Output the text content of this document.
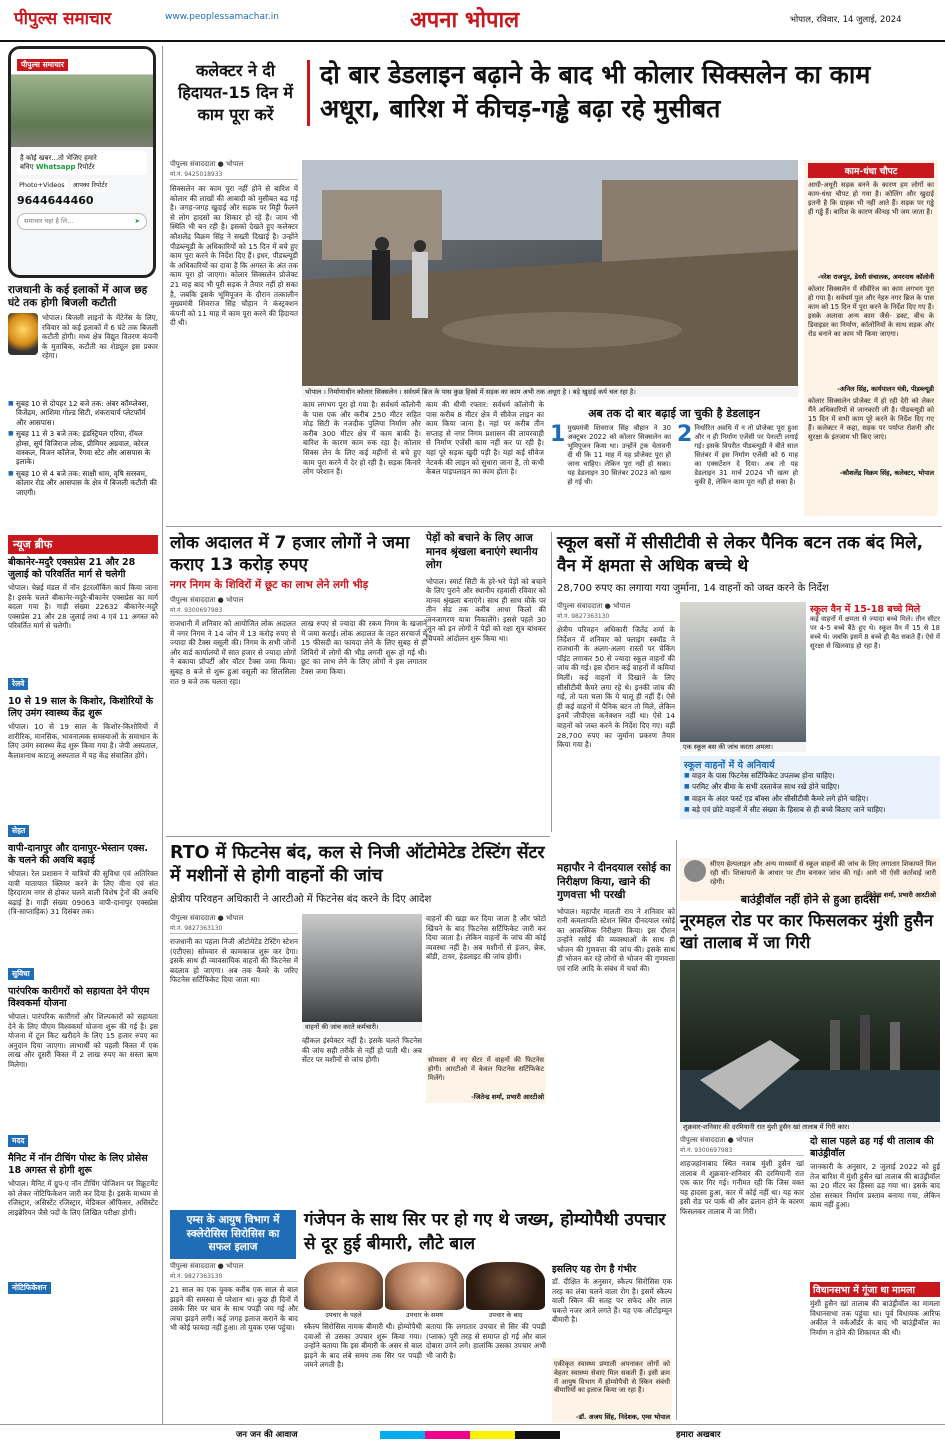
पीपुल्स समाचार	www.peoplessamachar.in	अपना भोपाल	भोपाल, रविवार, 14 जुलाई, 2024
पीपुल्स समाचार
है कोई खबर...तो भेजिए हमारे
बनिए Whatsapp रिपोर्टर
Photo+Videos	आपका रिपोर्टर
9644644460
समाचार यहां है लि...	➤
राजधानी के कई इलाकों में आज छह घंटे तक होगी बिजली कटौती
भोपाल। बिजली लाइनों के मेंटेनेंस के लिए, रविवार को कई इलाकों में 6 घंटे तक बिजली कटौती होगी। मध्य क्षेत्र विद्युत वितरण कंपनी के मुताबिक, कटौती का शेड्यूल इस प्रकार रहेगा।
■ सुबह 10 से दोपहर 12 बजे तक: अंबर कॉम्प्लेक्स, विजेंद्रम, आशिमा गोल्ड सिटी, शंकराचार्य प्लेटफॉर्म और आसपास।
■ सुबह 11 से 3 बजे तक: इंडस्ट्रियल एरिया, रॉयल होम्स, सूर्य विजिराज लोक, प्रीमियर अग्रवाल, कोरल वास्कल, विजन कॉलेज, रैंगवा स्टेट और आसपास के इलाके।
■ सुबह 10 से 4 बजे तक: साक्षी धाम, वृषि सरस्वम, कोलार रोड और आसपास के क्षेत्र में बिजली कटौती की जाएगी।
न्यूज ब्रीफ
बीकानेर-मदुरै एक्सप्रेस 21 और 28 जुलाई को परिवर्तित मार्ग से चलेगी
भोपाल। चेन्नई मंडल में नॉन इंटरलॉकिंग कार्य किया जाना है। इसके चलते बीकानेर-मदुरै-बीकानेर एक्सप्रेस का मार्ग बदला गया है। गाड़ी संख्या 22632 बीकानेर-मदुरै एक्सप्रेस 21 और 28 जुलाई तथा 4 एवं 11 अगस्त को परिवर्तित मार्ग से चलेगी।
रेलवे
10 से 19 साल के किशोर, किशोरियों के लिए उमंग स्वास्थ्य केंद्र शुरू
भोपाल। 10 से 19 साल के किशोर-किशोरियों में शारीरिक, मानसिक, भावनात्मक समस्याओं के समाधान के लिए उमंग स्वास्थ्य केंद्र शुरू किया गया है। जेपी अस्पताल, कैलाशनाथ काटजू अस्पताल में यह केंद्र संचालित होंगे।
सेहत
वापी-दानापुर और दानापुर-भेस्तान एक्स. के चलने की अवधि बढ़ाई
भोपाल। रेल प्रशासन ने यात्रियों की सुविधा एवं अतिरिक्त यात्री यातायात क्लियर करने के लिए वीना एवं संत हिरदाराम नगर से होकर चलने वाली विशेष ट्रेनों की अवधि बढ़ाई है। गाड़ी संख्या 09063 वापी-दानापुर एक्सप्रेस (त्रि-साप्ताहिक) 31 दिसंबर तक।
सुविधा
पारंपरिक कारीगरों को सहायता देने पीएम विश्वकर्मा योजना
भोपाल। पारंपरिक कारीगरों और शिल्पकारों को सहायता देने के लिए पीएम विश्वकर्मा योजना शुरू की गई है। इस योजना में टूल किट खरीदने के लिए 15 हजार रुपए का अनुदान दिया जाएगा। लाभार्थी को पहली किस्त में एक लाख और दूसरी किस्त में 2 लाख रुपए का सस्ता ऋण मिलेगा।
मदद
मैनिट में नॉन टीचिंग पोस्ट के लिए प्रोसेस 18 अगस्त से होगी शुरू
भोपाल। मैनिट में ग्रुप-ए नॉन टीचिंग पोजिशन पर रिक्रूटमेंट को लेकर नोटिफिकेशन जारी कर दिया है। इसके माध्यम से रजिस्ट्रार, असिस्टेंट रजिस्ट्रार, मेडिकल ऑफिसर, असिस्टेंट लाइब्रेरियन जैसे पदों के लिए लिखित परीक्षा होगी।
नोटिफिकेशन
कलेक्टर ने दी हिदायत-15 दिन में काम पूरा करें
दो बार डेडलाइन बढ़ाने के बाद भी कोलार सिक्सलेन का काम अधूरा, बारिश में कीचड़-गड्ढे बढ़ा रहे मुसीबत
पीपुल्स संवाददाता ● भोपाल
मो.नं. 9425018933
सिक्सलेन का काम पूरा नहीं होने से बारिश में कोलार की लाखों की आबादी को मुसीबत बढ़ गई है। जगह-जगह खुदाई और सड़क पर मिट्टी फैलने से लोग हादसों का शिकार हो रहे हैं। जाम भी स्थिति भी बन रही है। इसको देखते हुए कलेक्टर कौशलेंद्र विक्रम सिंह ने सख्ती दिखाई है। उन्होंने पीडब्ल्यूडी के अधिकारियों को 15 दिन में बचे हुए काम पूरा करने के निर्देश दिए हैं। इधर, पीडब्ल्यूडी के अधिकारियों का दावा है कि अगस्त के अंत तक काम पूरा हो जाएगा। कोलार सिक्सलेन प्रोजेक्ट 21 माह बाद भी पूरी सड़क ने तैयार नहीं हो सका है, जबकि इसके भूमिपूजन के दौरान तत्कालीन मुख्यमंत्री शिवराज सिंह चौहान ने कंस्ट्रक्शन कंपनी को 11 माह में काम पूरा करने की हिदायत दी थी।
भोपाल । निर्माणाधीन कोलार सिक्सलेन । सर्वधर्म ब्रिज के पास कुछ हिस्से में सड़क का काम अभी तक अधूरा है । बड़े खुदाई कर्य चल रहा है।
काम लगभग पूरा हो गया है। सर्वधर्म कॉलोनी के पास एक और करीब 250 मीटर सहित मोड़ सिटी के नजदीक पुलिया निर्माण और करीब 300 मीटर क्षेत्र में काम बाकी है। बारिश के कारण काम रुक रहा है। कोलार सिक्स लेन के लिए कई महीनों से बचे हुए काम पूरा करने में देर हो रही है। सड़क किनारे लोग परेशान हैं।
काम की धीमी रफ्तार: सर्वधर्म कॉलोनी के पास करीब 8 मीटर क्षेत्र में सीवेज लाइन का काम किया जाना है। नहां पर करीब तीन सप्ताह से नगर निगम प्रशासन की लापरवाही से निर्माण एजेंसी काम नहीं कर पा रही है। यहां पूरे सड़क खुदी पड़ी है। यहां कई सीवेज नेटवर्क की लाइन को सुधारा जाना है, तो कभी केबल पाइपलाइन का काम होता है।
अब तक दो बार बढ़ाई जा चुकी है डेडलाइन
1 मुख्यमंत्री शिवराज सिंह चौहान ने 30 अक्टूबर 2022 को कोलार सिक्सलेन का भूमिपूजन किया था। उन्होंने ट्रक चेतावनी दी थी कि 11 माह में यह प्रोजेक्ट पूरा हो जाना चाहिए। लेकिन पूरा नहीं हो सका। यह डेडलाइन 30 सितंबर 2023 को खत्म हो गई थी।
2 निर्धारित अवधि में न तो प्रोजेक्ट पूरा हुआ और न ही निर्माण एजेंसी पर पेनल्टी लगाई गई। इसके विपरीत पीडब्ल्यूडी ने बीते साल सितंबर में इस निर्माण एजेंसी को 6 माह का एक्सटेंशन दे दिया। अब तो यह डेडलाइन 31 मार्च 2024 भी खत्म हो चुकी है, लेकिन काम पूरा नहीं हो सका है।
काम-धंधा चौपट
आधी-अधूरी सड़क बनने के कारण हम लोगों का काम-धंधा चौपट हो गया है। कोलिंग और खुदाई इतनी है कि ग्राहक भी नहीं आते हैं। सड़क पर गड्ढे ही गड्ढे हैं। बारिश के कारण कीचड़ भी जम जाता है।
-नरेश राजपूत, डेयरी संचालक, अमरनाथ कॉलोनी
कोलार सिक्सलेन में सीवीरेज का काम लगभग पूरा हो गया है। सर्वधर्म पुल और नेहरु नगर ब्रिज के पास काम को 15 दिन में पूरा करने के निर्देश दिए गए हैं। इसके अलावा अन्य काम जैसे- डक्ट, बीच के डिवाइडर का निर्माण, कॉलोनियों के साथ सड़क और रोड बनाने का काम भी किया जाएगा।
-अनिल सिंह, कार्यपालन यंत्री, पीडब्ल्यूडी
कोलार सिक्सलेन प्रोजेक्ट में हो रही देरी को लेकर मैंने अधिकारियों से जानकारी ली है। पीडब्ल्यूडी को 15 दिन में सभी काम पूरे करने के निर्देश दिए गए हैं। कलेक्टर ने कहा, सड़क पर पर्याप्त रोशनी और सुरक्षा के इंतजाम भी किए जाएं।
-कौशलेंद्र विक्रम सिंह, कलेक्टर, भोपाल
लोक अदालत में 7 हजार लोगों ने जमा कराए 13 करोड़ रुपए
नगर निगम के शिविरों में छूट का लाभ लेने लगी भीड़
पीपुल्स संवाददाता ● भोपाल
मो.नं. 9300697983
राजधानी में शनिवार को आयोजित लोक अदालत में नगर निगम ने 14 जोन में 13 करोड़ रुपए से ज्यादा की टैक्स वसूली की। निगम के सभी जोनों और वार्ड कार्यालयों में सात हजार से ज्यादा लोगों ने बकाया प्रॉपर्टी और वॉटर टैक्स जमा किया। सुबह 8 बजे से शुरू हुआ वसूली का सिलसिला रात 9 बजे तक चलता रहा।
लाख रुपए से ज्यादा की रकम निगम के खजाने में जमा कराई। लोक अदालत के तहत सरचार्ज में 15 फीसदी का फायदा लेने के लिए सुबह से ही शिविरों में लोगों की भीड़ लगनी शुरू हो गई थी। छूट का लाभ लेने के लिए लोगों ने इस लगातार टैक्स जमा किया।
पेड़ों को बचाने के लिए आज मानव श्रृंखला बनाएंगे स्थानीय लोग
भोपाल। स्मार्ट सिटी के हरे-भरे पेड़ों को बचाने के लिए पुराने और स्थानीय रहवासी रविवार को मानव श्रृंखला बनाएंगे। साथ ही साथ मौके पर तीन सेड तक करीब आधा किलो की जनजागरण यात्रा निकालेंगे। इससे पहले 30 जून को इन लोगों ने पेड़ों को रक्षा सूत्र बांधकर चिपको आंदोलन शुरू किया था।
स्कूल बसों में सीसीटीवी से लेकर पैनिक बटन तक बंद मिले, वैन में क्षमता से अधिक बच्चे थे
28,700 रुपए का लगाया गया जुर्माना, 14 वाहनों को जब्त करने के निर्देश
पीपुल्स संवाददाता ● भोपाल
मो.नं. 9827363130
क्षेत्रीय परिवहन अधिकारी जितेंद्र शर्मा के निर्देशन में शनिवार को फ्लाइंग स्क्वॉड ने राजधानी के अलग-अलग रास्तों पर चेकिंग पॉइंट लगाकर 50 से ज्यादा स्कूल वाहनों की जांच की गई। इस दौरान कई वाहनों में कमियां मिलीं। कई वाहनों में दिखाने के लिए सीसीटीवी कैमरे लगा रहे थे। इनकी जांच की गई, तो पता चला कि ये चालू ही नहीं हैं। ऐसे ही कई वाहनों में पैनिक बटन तो मिले, लेकिन इनमें जीपीएस कनेक्शन नहीं था। ऐसे 14 वाहनों को जब्त करने के निर्देश दिए गए। वहीं 28,700 रुपए का जुर्माना प्रकरण तैयार किया गया है।	एक स्कूल बस की जांच करता अमला।
स्कूल वैन में 15-18 बच्चे मिले
कई वाहनों में क्षमता से ज्यादा बच्चे मिले। तीन सीटर पर 4-5 बच्चे बैठे हुए थे। स्कूल वैन में 15 से 18 बच्चे थे। जबकि इसमें 8 बच्चे ही बैठ सकते हैं। ऐसे में सुरक्षा से खिलवाड़ हो रहा है।
स्कूल वाहनों में ये अनिवार्य
■ वाहन के पास फिटनेस सर्टिफिकेट उपलब्ध होना चाहिए।
■ परमिट और बीमा के सभी दस्तावेज साथ रखे होने चाहिए।
■ वाहन के अंदर फर्स्ट एड बॉक्स और सीसीटीवी कैमरे लगे होने चाहिए।
■ बड़े एवं छोटे वाहनों में सीट संख्या के हिसाब से ही बच्चे बिठाए जाने चाहिए।
सीएम हेल्पलाइन और अन्य माध्यमों से स्कूल वाहनों की जांच के लिए लगातार शिकायतें मिल रही थीं। शिकायतों के आधार पर टीम बनाकर जांच की गई। आगे भी ऐसी कार्रवाई जारी रहेगी।
-जितेन्द्र शर्मा, प्रभारी आरटीओ
RTO में फिटनेस बंद, कल से निजी ऑटोमेटेड टेस्टिंग सेंटर में मशीनों से होगी वाहनों की जांच
क्षेत्रीय परिवहन अधिकारी ने आरटीओ में फिटनेस बंद करने के दिए आदेश
पीपुल्स संवाददाता ● भोपाल
मो.नं. 9827363130
राजधानी का पहला निजी ऑटोमेटेड टेस्टिंग स्टेशन (एटीएस) सोमवार से कामकाज शुरू कर देगा। इसके साथ ही व्यावसायिक वाहनों की फिटनेस में बदलाव हो जाएगा। अब तक कैमरे के जरिए फिटनेस सर्टिफिकेट दिया जाता था।
वाहनों की जांच करते कर्मचारी।
व्हीकल इंस्पेक्टर नहीं है। इसके चलते फिटनेस की जांच सही तरीके से नहीं हो पाती थी। अब सेंटर पर मशीनों से जांच होगी।
वाहनों की खड़ा कर दिया जाता है और फोटो खिंचने के बाद फिटनेस सर्टिफिकेट जारी कर दिया जाता है। लेकिन वाहनों के जांच की कोई व्यवस्था नहीं है। अब मशीनों से इंजन, ब्रेक, बॉडी, टायर, हेडलाइट की जांच होगी।
सोमवार से नए सेंटर में वाहनों की फिटनेस होगी। आरटीओ में केवल फिटनेस सर्टिफिकेट मिलेंगे।
-जितेन्द्र शर्मा, प्रभारी आरटीओ
महापौर ने दीनदयाल रसोई का निरीक्षण किया, खाने की गुणवत्ता भी परखी
भोपाल। महापौर मालती राय ने शनिवार को रानी कमलापति स्टेशन स्थित दीनदयाल रसोई का आकस्मिक निरीक्षण किया। इस दौरान उन्होंने रसोई की व्यवस्थाओं के साथ ही भोजन की गुणवत्ता की जांच की। इसके साथ ही भोजन कर रहे लोगों से भोजन की गुणवत्ता एवं राशि आदि के संबंध में चर्चा की।
बाउंड्रीवॉल नहीं होने से हुआ हादसा
नूरमहल रोड पर कार फिसलकर मुंशी हुसैन खां तालाब में जा गिरी
शुक्रवार-शनिवार की दरमियानी रात मुंशी हुसैन खां तालाब में गिरी कार।
पीपुल्स संवाददाता ● भोपाल
मो.नं. 9300697983
शाहजहांनाबाद स्थित नवाब मुंशी हुसैन खां तालाब में शुक्रवार-शनिवार की दरमियानी रात एक कार गिर गई। गनीमत रही कि जिस वक्त यह हादसा हुआ, कार में कोई नहीं था। यह कार इसी रोड पर पार्क थी और ढलान होने के कारण फिसलकर तालाब में जा गिरी।
दो साल पहले ढह गई थी तालाब की बाउंड्रीवॉल
जानकारी के अनुसार, 2 जुलाई 2022 को हुई तेज बारिश में मुंशी हुसैन खां तालाब की बाउंड्रीवॉल का 20 मीटर का हिस्सा ढह गया था। इसके बाद ठोस सरकार निर्माण प्रस्ताव बनाया गया, लेकिन काम नहीं हुआ।
विधानसभा में गूंजा था मामला
मुंशी हुसैन खां तालाब की बाउंड्रीवॉल का मामला विधानसभा तक पहुंचा था। पूर्व विधायक आरिफ अकील ने वर्कऑर्डर के बाद भी बाउंड्रीवॉल का निर्माण न होने की शिकायत की थी।
एम्स के आयुष विभाग में स्क्लेरोसिस सिरोसिस का सफल इलाज
गंजेपन के साथ सिर पर हो गए थे जख्म, होम्योपैथी उपचार से दूर हुई बीमारी, लौटे बाल
पीपुल्स संवाददाता ● भोपाल
मो.नं. 9827363130
21 साल का एक युवक करीब एक साल से बाल झड़ने की समस्या से परेशान था। कुछ ही दिनों में उसके सिर पर घाव के साथ पपड़ी जम गई और त्वचा झड़ने लगी। कई जगह इलाज कराने के बाद भी कोई फायदा नहीं हुआ। तो युवक एम्स पहुंचा।
उपचार के पहले	उपचार के समय	उपचार के बाद
स्कैल्प सिरोसिस नामक बीमारी थी। होम्योपैथी दवाओं से उसका उपचार शुरू किया गया। उन्होंने बताया कि इस बीमारी के असर से बाल झड़ने के बाद लंबे समय तक सिर पर पपड़ी जमने लगती है।
बताया कि लगातार उपचार से सिर की पपड़ी (प्लाक) पूरी तरह से समाप्त हो गई और बाल दोबारा उगने लगे। हालांकि उसका उपचार अभी भी जारी है।
इसलिए यह रोग है गंभीर
डॉ. दीक्षित के अनुसार, स्कैल्प सिरोसिस एक तरह का लंबा चलने वाला रोग है। इसमें स्कैल्प वाली स्किन की सतह पर सफेद और लाल चकत्ते नजर आने लगते हैं। यह एक ऑटोइम्यून बीमारी है।
एकीकृत स्वास्थ्य प्रणाली अपनाकर लोगों को बेहतर स्वास्थ्य सेवाएं मिल सकती हैं। इसी क्रम में आयुष विभाग में होम्योपैथी से स्किन संबंधी बीमारियों का इलाज किया जा रहा है।
-डॉ. अजय सिंह, निदेशक, एम्स भोपाल
जन जन की आवाज	हमारा अखबार
